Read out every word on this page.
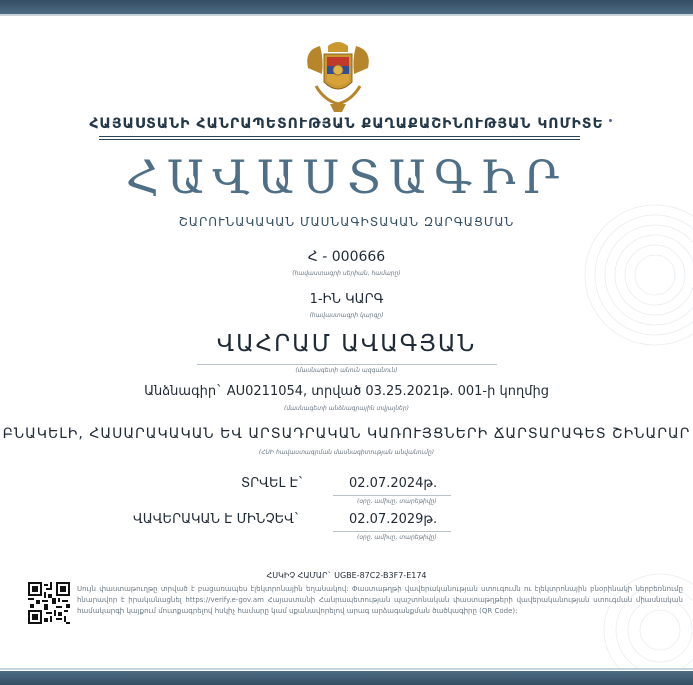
ՀԱՅԱՍՏԱՆԻ ՀԱՆՐԱՊԵՏՈՒԹՅԱՆ ՔԱՂԱՔԱՇԻՆՈՒԹՅԱՆ ԿՈՄԻՏԵ
ՀԱՎԱՍՏԱԳԻՐ
ՇԱՐՈՒՆԱԿԱԿԱՆ ՄԱՍՆԱԳԻՏԱԿԱՆ ԶԱՐԳԱՑՄԱՆ
Հ - 000666
(հավաստագրի սերիան, համարը)
1-ԻՆ ԿԱՐԳ
(հավաստագրի կարգը)
ՎԱՀՐԱՄ ԱՎԱԳՅԱՆ
(մասնագետի անուն ազգանուն)
Անձնագիր` AU0211054, տրված 03.25.2021թ. 001-ի կողմից
(մասնագետի անձնագրային տվյալներ)
ԲՆԱԿԵԼԻ, ՀԱՍԱՐԱԿԱԿԱՆ ԵՎ ԱՐՏԱԴՐԱԿԱՆ ԿԱՌՈՒՅՑՆԵՐԻ ՃԱՐՏԱՐԱԳԵՏ ՇԻՆԱՐԱՐ
(ՀՍԻ հավաստագրման մասնագիտության անվանումը)
ՏՐՎԵԼ Է`	02.07.2024թ.
(օրը, ամիսը, տարեթիվը)
ՎԱՎԵՐԱԿԱՆ Է ՄԻՆՉԵՎ`	02.07.2029թ.
(օրը, ամիսը, տարեթիվը)
ՀՍԿԻՉ ՀԱՄԱՐ` UGBE-87C2-B3F7-E174
Սույն փաստաթուղթը տրված է բացառապես էլեկտրոնային եղանակով: Փաստաթղթի վավերականության ստուգումն ու էլեկտրոնային բնօրինակի ներբեռնումը հնարավոր է իրականացնել https://verify.e-gov.am Հայաստանի Հանրապետության պաշտոնական փաստաթղթերի վավերականության ստուգման միասնական համակարգի կայքում մուտքագրելով հսկիչ համարը կամ սքանավորելով արագ արձագանքման ծածկագիրը (QR Code):
